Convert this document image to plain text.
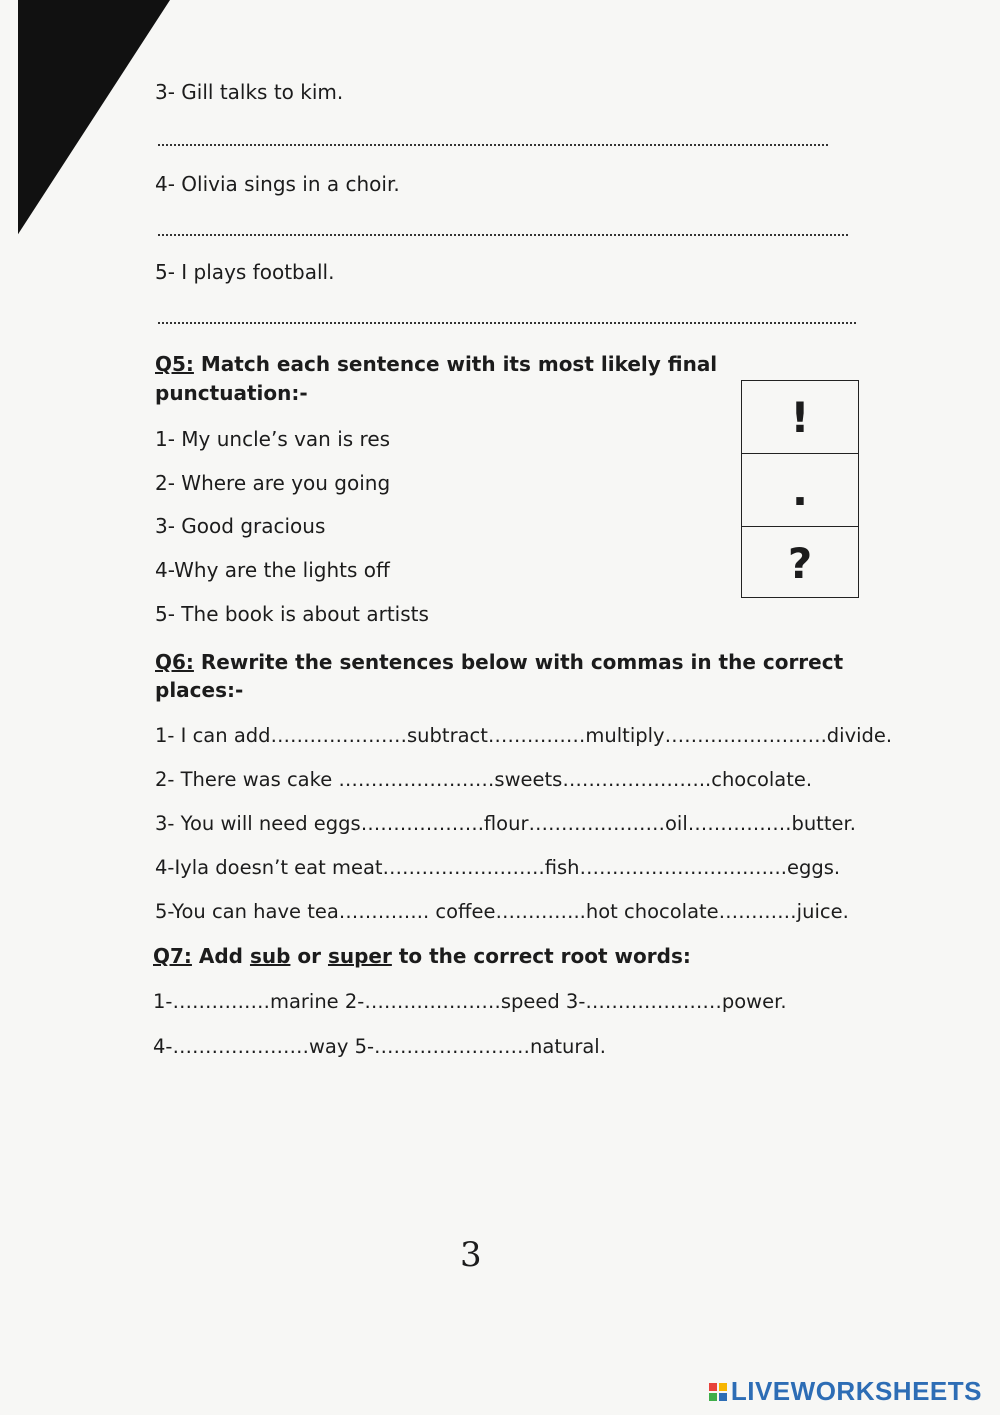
3- Gill talks to kim.
4- Olivia sings in a choir.
5- I plays football.
Q5: Match each sentence with its most likely final
punctuation:-
1- My uncle’s van is res
2- Where are you going
3- Good gracious
4-Why are the lights off
5- The book is about artists
!
.
?
Q6: Rewrite the sentences below with commas in the correct
places:-
1- I can add…………………subtract……………multiply…………………….divide.
2- There was cake ……………………sweets…………………..chocolate.
3- You will need eggs……………….flour…………………oil…………….butter.
4-Iyla doesn’t eat meat…………………….fish…………………………..eggs.
5-You can have tea………….. coffee…………..hot chocolate…………juice.
Q7: Add sub or super to the correct root words:
1-……………marine 2-…………………speed 3-…………………power.
4-…………………way 5-……………………natural.
3
LIVEWORKSHEETS
